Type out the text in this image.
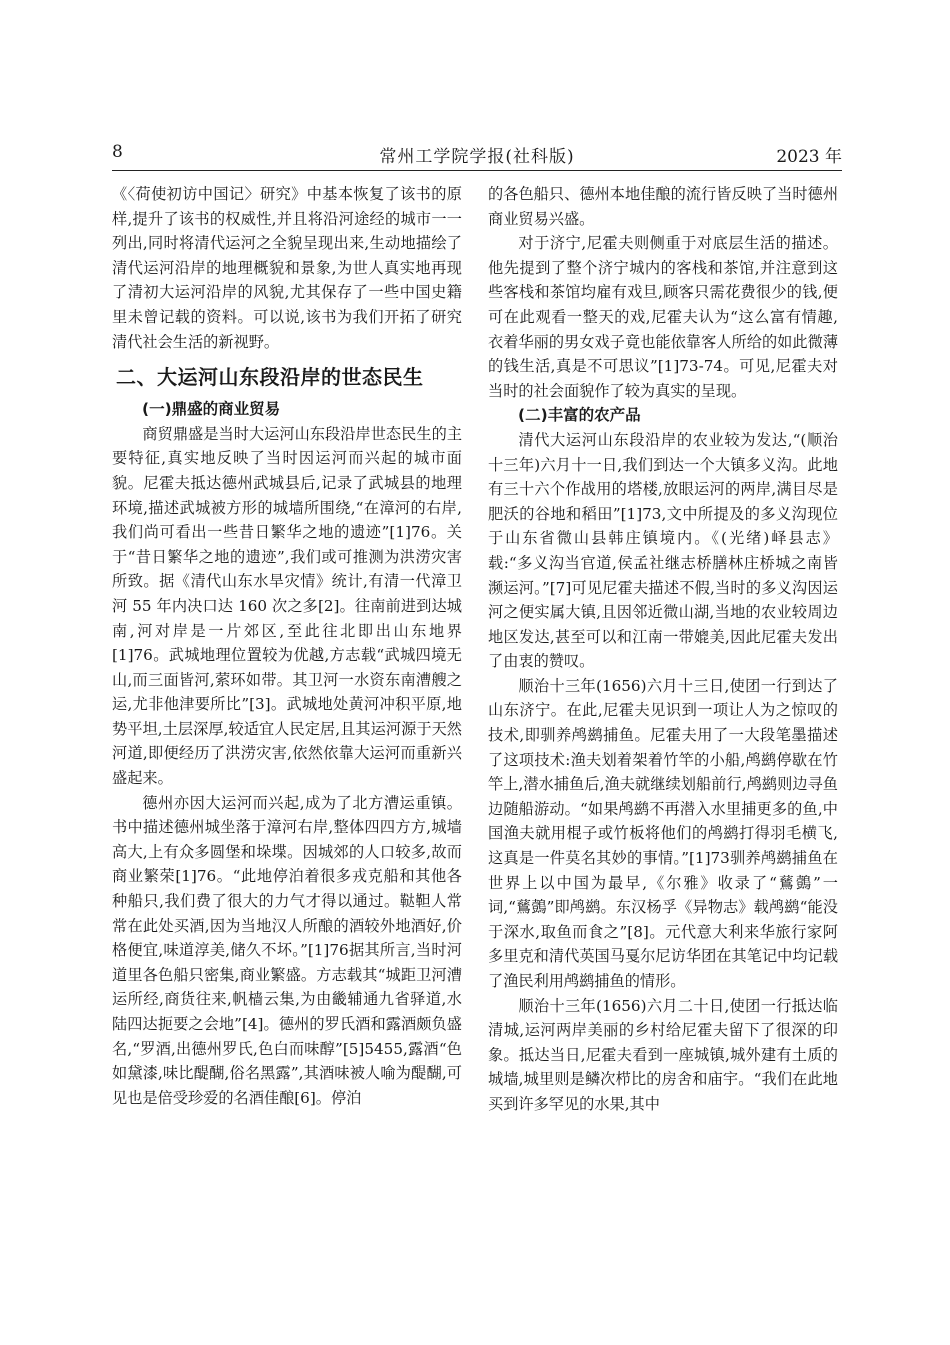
8	常州工学院学报(社科版)	2023 年

《〈荷使初访中国记〉研究》中基本恢复了该书的原样,提升了该书的权威性,并且将沿河途经的城市一一列出,同时将清代运河之全貌呈现出来,生动地描绘了清代运河沿岸的地理概貌和景象,为世人真实地再现了清初大运河沿岸的风貌,尤其保存了一些中国史籍里未曾记载的资料。可以说,该书为我们开拓了研究清代社会生活的新视野。

二、大运河山东段沿岸的世态民生
(一)鼎盛的商业贸易

商贸鼎盛是当时大运河山东段沿岸世态民生的主要特征,真实地反映了当时因运河而兴起的城市面貌。尼霍夫抵达德州武城县后,记录了武城县的地理环境,描述武城被方形的城墙所围绕,“在漳河的右岸,我们尚可看出一些昔日繁华之地的遗迹”[1]76。关于“昔日繁华之地的遗迹”,我们或可推测为洪涝灾害所致。据《清代山东水旱灾情》统计,有清一代漳卫河 55 年内决口达 160 次之多[2]。往南前进到达城南,河对岸是一片郊区,至此往北即出山东地界[1]76。武城地理位置较为优越,方志载“武城四境无山,而三面皆河,萦环如带。其卫河一水资东南漕艘之运,尤非他津要所比”[3]。武城地处黄河冲积平原,地势平坦,土层深厚,较适宜人民定居,且其运河源于天然河道,即便经历了洪涝灾害,依然依靠大运河而重新兴盛起来。

德州亦因大运河而兴起,成为了北方漕运重镇。书中描述德州城坐落于漳河右岸,整体四四方方,城墙高大,上有众多圆堡和垛堞。因城郊的人口较多,故而商业繁荣[1]76。“此地停泊着很多戎克船和其他各种船只,我们费了很大的力气才得以通过。鞑靼人常常在此处买酒,因为当地汉人所酿的酒较外地酒好,价格便宜,味道淳美,储久不坏。”[1]76据其所言,当时河道里各色船只密集,商业繁盛。方志载其“城距卫河漕运所经,商货往来,帆樯云集,为由畿辅通九省驿道,水陆四达扼要之会地”[4]。德州的罗氏酒和露酒颇负盛名,“罗酒,出德州罗氏,色白而味醇”[5]5455,露酒“色如黛漆,味比醍醐,俗名黑露”,其酒味被人喻为醍醐,可见也是倍受珍爱的名酒佳酿[6]。停泊

的各色船只、德州本地佳酿的流行皆反映了当时德州商业贸易兴盛。

对于济宁,尼霍夫则侧重于对底层生活的描述。他先提到了整个济宁城内的客栈和茶馆,并注意到这些客栈和茶馆均雇有戏旦,顾客只需花费很少的钱,便可在此观看一整天的戏,尼霍夫认为“这么富有情趣,衣着华丽的男女戏子竟也能依靠客人所给的如此微薄的钱生活,真是不可思议”[1]73-74。可见,尼霍夫对当时的社会面貌作了较为真实的呈现。

(二)丰富的农产品

清代大运河山东段沿岸的农业较为发达,“(顺治十三年)六月十一日,我们到达一个大镇多义沟。此地有三十六个作战用的塔楼,放眼运河的两岸,满目尽是肥沃的谷地和稻田”[1]73,文中所提及的多义沟现位于山东省微山县韩庄镇境内。《(光绪)峄县志》载:“多义沟当官道,侯孟社继志桥膳林庄桥城之南皆濒运河。”[7]可见尼霍夫描述不假,当时的多义沟因运河之便实属大镇,且因邻近微山湖,当地的农业较周边地区发达,甚至可以和江南一带媲美,因此尼霍夫发出了由衷的赞叹。

顺治十三年(1656)六月十三日,使团一行到达了山东济宁。在此,尼霍夫见识到一项让人为之惊叹的技术,即驯养鸬鹚捕鱼。尼霍夫用了一大段笔墨描述了这项技术:渔夫划着架着竹竿的小船,鸬鹚停歇在竹竿上,潜水捕鱼后,渔夫就继续划船前行,鸬鹚则边寻鱼边随船游动。“如果鸬鹚不再潜入水里捕更多的鱼,中国渔夫就用棍子或竹板将他们的鸬鹚打得羽毛横飞,这真是一件莫名其妙的事情。”[1]73驯养鸬鹚捕鱼在世界上以中国为最早,《尔雅》收录了“鶿鷧”一词,“鶿鷧”即鸬鹚。东汉杨孚《异物志》载鸬鹚“能没于深水,取鱼而食之”[8]。元代意大利来华旅行家阿多里克和清代英国马戛尔尼访华团在其笔记中均记载了渔民利用鸬鹚捕鱼的情形。

顺治十三年(1656)六月二十日,使团一行抵达临清城,运河两岸美丽的乡村给尼霍夫留下了很深的印象。抵达当日,尼霍夫看到一座城镇,城外建有土质的城墙,城里则是鳞次栉比的房舍和庙宇。“我们在此地买到许多罕见的水果,其中
